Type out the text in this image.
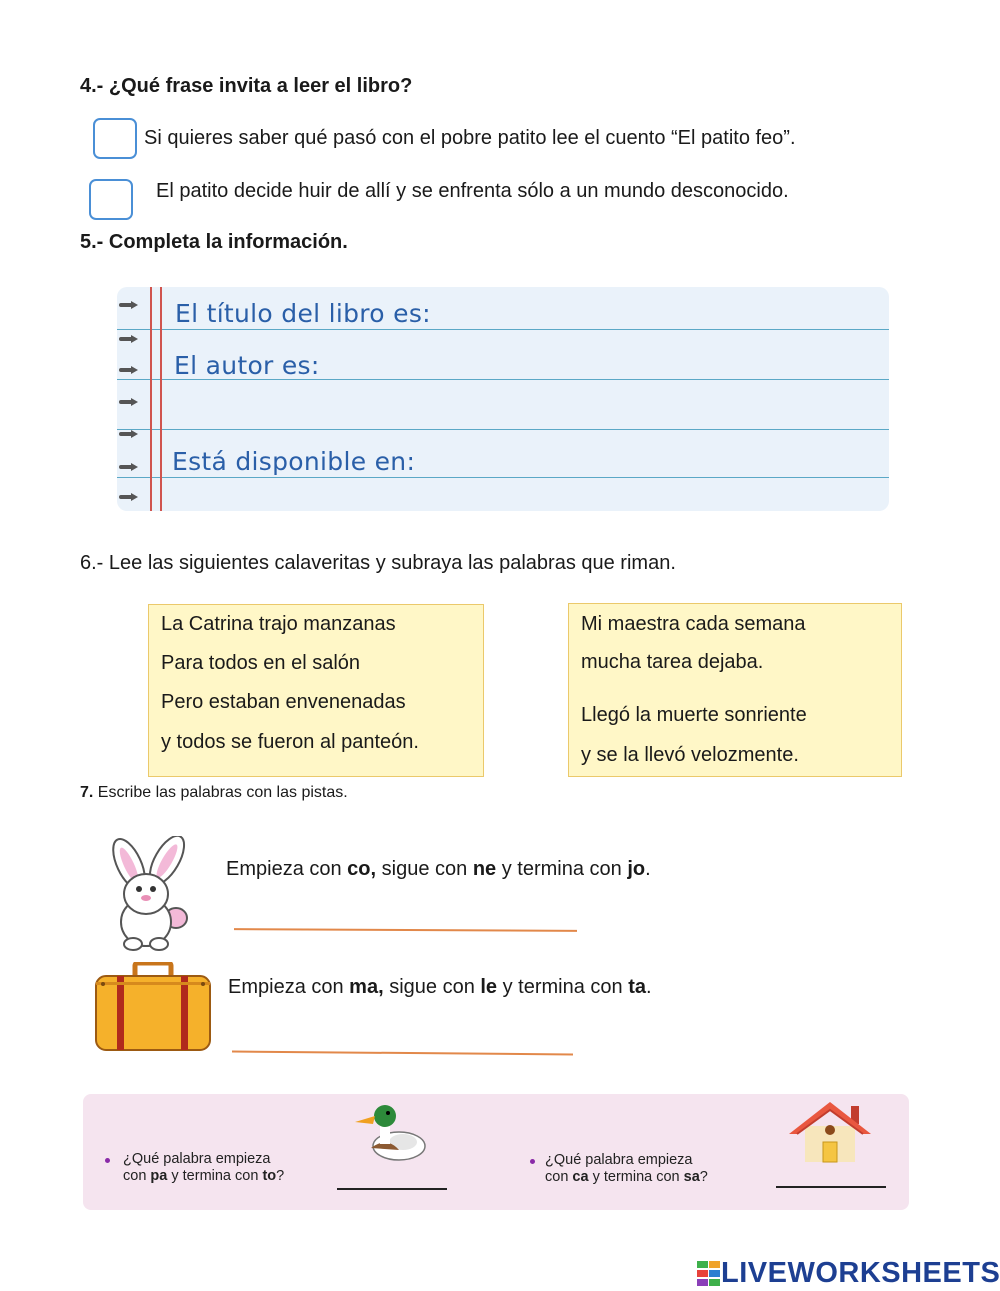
4.- ¿Qué frase invita a leer el libro?
Si quieres saber qué pasó con el pobre patito lee el cuento “El patito feo”.
El patito decide huir de allí y se enfrenta sólo a un mundo desconocido.
5.- Completa la información.
El título del libro es:
El autor es:
Está disponible en:
6.- Lee las siguientes calaveritas y subraya las palabras que riman.
La Catrina trajo manzanas
Para todos en el salón
Pero estaban envenenadas
y todos se fueron al panteón.
Mi maestra cada semana
mucha tarea dejaba.
Llegó la muerte sonriente
y se la llevó velozmente.
7. Escribe las palabras con las pistas.
Empieza con co, sigue con ne y termina con jo.
Empieza con ma, sigue con le y termina con ta.
¿Qué palabra empieza
con pa y termina con to?
¿Qué palabra empieza
con ca y termina con sa?
LIVEWORKSHEETS
